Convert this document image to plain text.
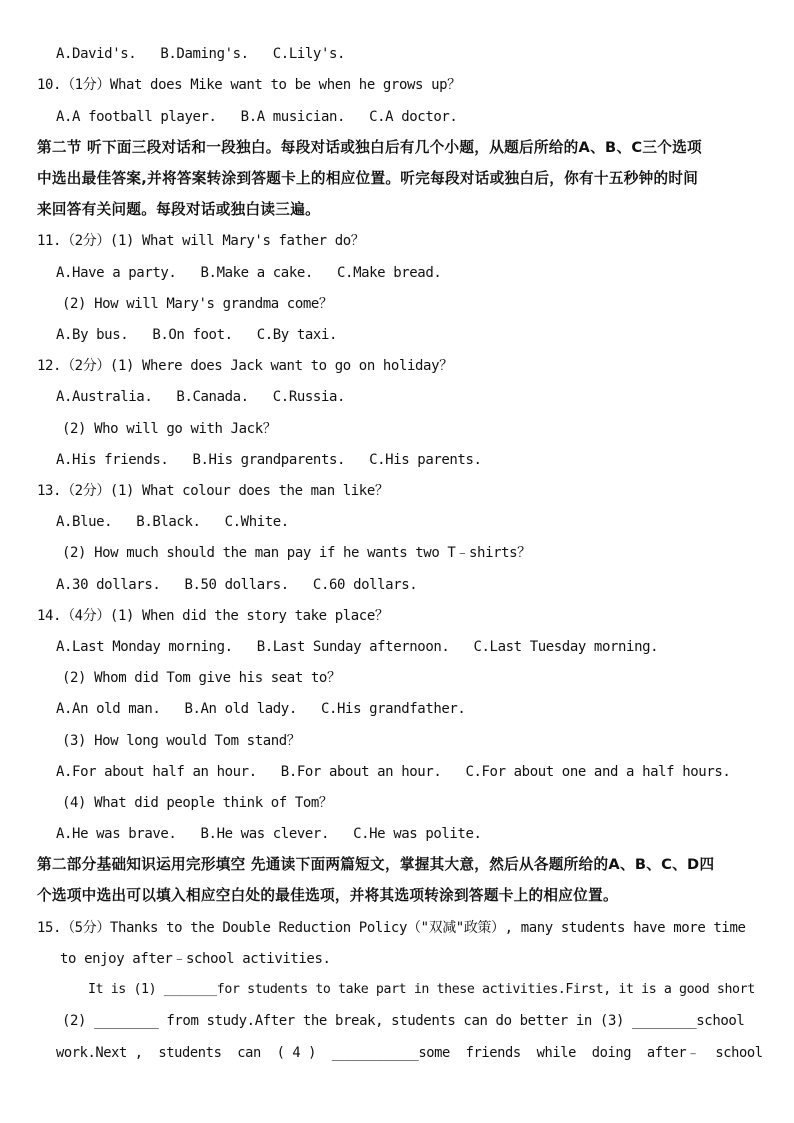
A.David's.   B.Daming's.   C.Lily's.
10.（1分）What does Mike want to be when he grows up？
A.A football player.   B.A musician.   C.A doctor.
第二节 听下面三段对话和一段独白。每段对话或独白后有几个小题，从题后所给的A、B、C三个选项
中选出最佳答案,并将答案转涂到答题卡上的相应位置。听完每段对话或独白后，你有十五秒钟的时间
来回答有关问题。每段对话或独白读三遍。
11.（2分）(1) What will Mary's father do？
A.Have a party.   B.Make a cake.   C.Make bread.
(2) How will Mary's grandma come？
A.By bus.   B.On foot.   C.By taxi.
12.（2分）(1) Where does Jack want to go on holiday？
A.Australia.   B.Canada.   C.Russia.
(2) Who will go with Jack？
A.His friends.   B.His grandparents.   C.His parents.
13.（2分）(1) What colour does the man like？
A.Blue.   B.Black.   C.White.
(2) How much should the man pay if he wants two T﹣shirts？
A.30 dollars.   B.50 dollars.   C.60 dollars.
14.（4分）(1) When did the story take place？
A.Last Monday morning.   B.Last Sunday afternoon.   C.Last Tuesday morning.
(2) Whom did Tom give his seat to？
A.An old man.   B.An old lady.   C.His grandfather.
(3) How long would Tom stand？
A.For about half an hour.   B.For about an hour.   C.For about one and a half hours.
(4) What did people think of Tom？
A.He was brave.   B.He was clever.   C.He was polite.
第二部分基础知识运用完形填空 先通读下面两篇短文，掌握其大意，然后从各题所给的A、B、C、D四
个选项中选出可以填入相应空白处的最佳选项，并将其选项转涂到答题卡上的相应位置。
15.（5分）Thanks to the Double Reduction Policy（"双减"政策）, many students have more time
to enjoy after﹣school activities.
It is (1) _______for students to take part in these activities.First, it is a good short
(2) ________ from study.After the break, students can do better in (3) ________school
work.Next ,  students  can  ( 4 )  ___________some  friends  while  doing  after﹣  school
